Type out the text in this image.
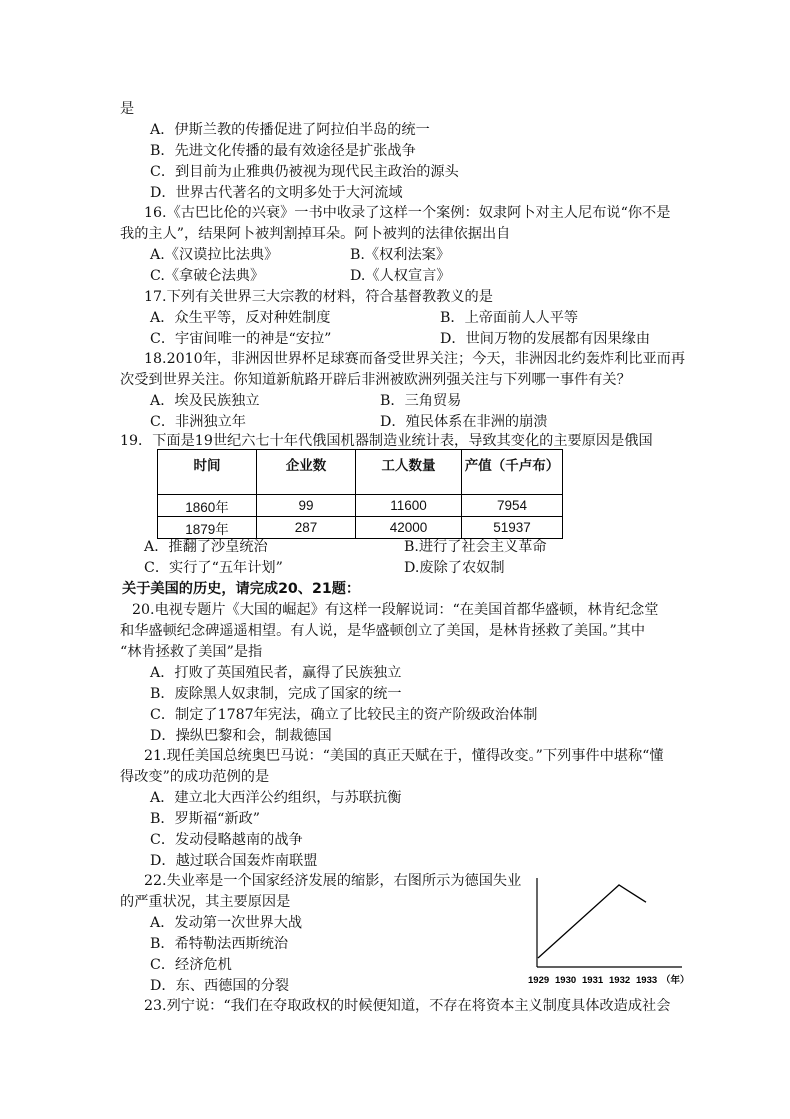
是
A．伊斯兰教的传播促进了阿拉伯半岛的统一
B．先进文化传播的最有效途径是扩张战争
C．到目前为止雅典仍被视为现代民主政治的源头
D．世界古代著名的文明多处于大河流域
16.《古巴比伦的兴衰》一书中收录了这样一个案例：奴隶阿卜对主人尼布说“你不是
我的主人”，结果阿卜被判割掉耳朵。阿卜被判的法律依据出自
A.《汉谟拉比法典》	B.《权利法案》
C.《拿破仑法典》	D.《人权宣言》
17.下列有关世界三大宗教的材料，符合基督教教义的是
A．众生平等，反对种姓制度	B．上帝面前人人平等
C．宇宙间唯一的神是“安拉”	D．世间万物的发展都有因果缘由
18.2010年，非洲因世界杯足球赛而备受世界关注；今天，非洲因北约轰炸利比亚而再
次受到世界关注。你知道新航路开辟后非洲被欧洲列强关注与下列哪一事件有关？
A．埃及民族独立	B．三角贸易
C．非洲独立年	D．殖民体系在非洲的崩溃
19．下面是19世纪六七十年代俄国机器制造业统计表，导致其变化的主要原因是俄国
时间	企业数	工人数量	产值（千卢布）
1860年	99	11600	7954
1879年	287	42000	51937
A．推翻了沙皇统治	B.进行了社会主义革命
C．实行了“五年计划”	D.废除了农奴制
关于美国的历史，请完成20、21题：
20.电视专题片《大国的崛起》有这样一段解说词：“在美国首都华盛顿，林肯纪念堂
和华盛顿纪念碑遥遥相望。有人说，是华盛顿创立了美国，是林肯拯救了美国。”其中
“林肯拯救了美国”是指
A．打败了英国殖民者，赢得了民族独立
B．废除黑人奴隶制，完成了国家的统一
C．制定了1787年宪法，确立了比较民主的资产阶级政治体制
D．操纵巴黎和会，制裁德国
21.现任美国总统奥巴马说：“美国的真正天赋在于，懂得改变。”下列事件中堪称“懂
得改变”的成功范例的是
A．建立北大西洋公约组织，与苏联抗衡
B．罗斯福“新政”
C．发动侵略越南的战争
D．越过联合国轰炸南联盟
22.失业率是一个国家经济发展的缩影，右图所示为德国失业
的严重状况，其主要原因是
A．发动第一次世界大战
B．希特勒法西斯统治
C．经济危机
D．东、西德国的分裂	1929 1930 1931 1932 1933 （年）
23.列宁说：“我们在夺取政权的时候便知道，不存在将资本主义制度具体改造成社会
